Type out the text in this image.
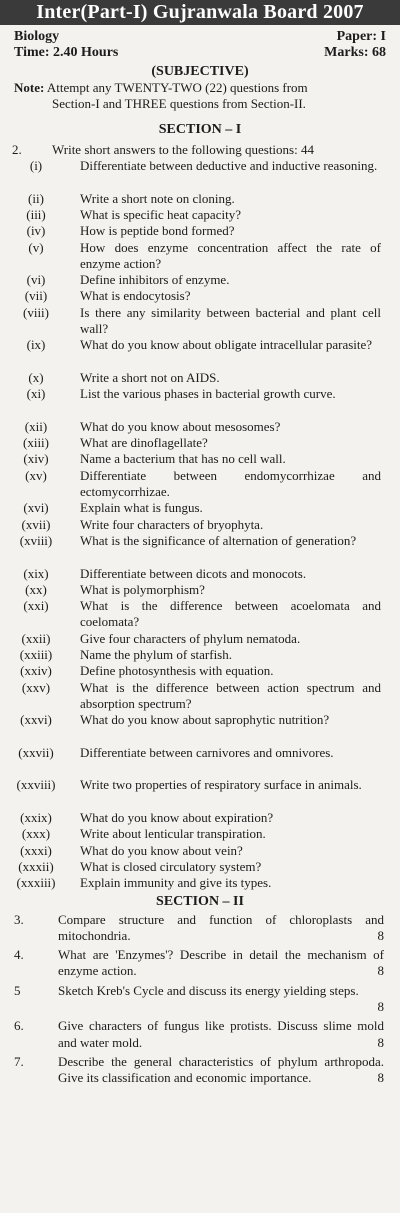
Inter(Part-I) Gujranwala Board 2007
Biology	Paper: I
Time: 2.40 Hours	Marks: 68
(SUBJECTIVE)
Note: Attempt any TWENTY-TWO (22) questions from
Section-I and THREE questions from Section-II.
SECTION – I
2. Write short answers to the following questions: 44
(i)	Differentiate between deductive and inductive reasoning.
(ii)	Write a short note on cloning.
(iii)	What is specific heat capacity?
(iv)	How is peptide bond formed?
(v)	How does enzyme concentration affect the rate of enzyme action?
(vi)	Define inhibitors of enzyme.
(vii)	What is endocytosis?
(viii)	Is there any similarity between bacterial and plant cell wall?
(ix)	What do you know about obligate intracellular parasite?
(x)	Write a short not on AIDS.
(xi)	List the various phases in bacterial growth curve.
(xii)	What do you know about mesosomes?
(xiii)	What are dinoflagellate?
(xiv)	Name a bacterium that has no cell wall.
(xv)	Differentiate between endomycorrhizae and ectomycorrhizae.
(xvi)	Explain what is fungus.
(xvii)	Write four characters of bryophyta.
(xviii)	What is the significance of alternation of generation?
(xix)	Differentiate between dicots and monocots.
(xx)	What is polymorphism?
(xxi)	What is the difference between acoelomata and coelomata?
(xxii)	Give four characters of phylum nematoda.
(xxiii)	Name the phylum of starfish.
(xxiv)	Define photosynthesis with equation.
(xxv)	What is the difference between action spectrum and absorption spectrum?
(xxvi)	What do you know about saprophytic nutrition?
(xxvii)	Differentiate between carnivores and omnivores.
(xxviii)	Write two properties of respiratory surface in animals.
(xxix)	What do you know about expiration?
(xxx)	Write about lenticular transpiration.
(xxxi)	What do you know about vein?
(xxxii)	What is closed circulatory system?
(xxxiii)	Explain immunity and give its types.
SECTION – II
3.	Compare structure and function of chloroplasts and mitochondria.	8
4.	What are 'Enzymes'? Describe in detail the mechanism of enzyme action.	8
5	Sketch Kreb's Cycle and discuss its energy yielding steps.
8
6.	Give characters of fungus like protists. Discuss slime mold and water mold.	8
7.	Describe the general characteristics of phylum arthropoda. Give its classification and economic importance.	8
